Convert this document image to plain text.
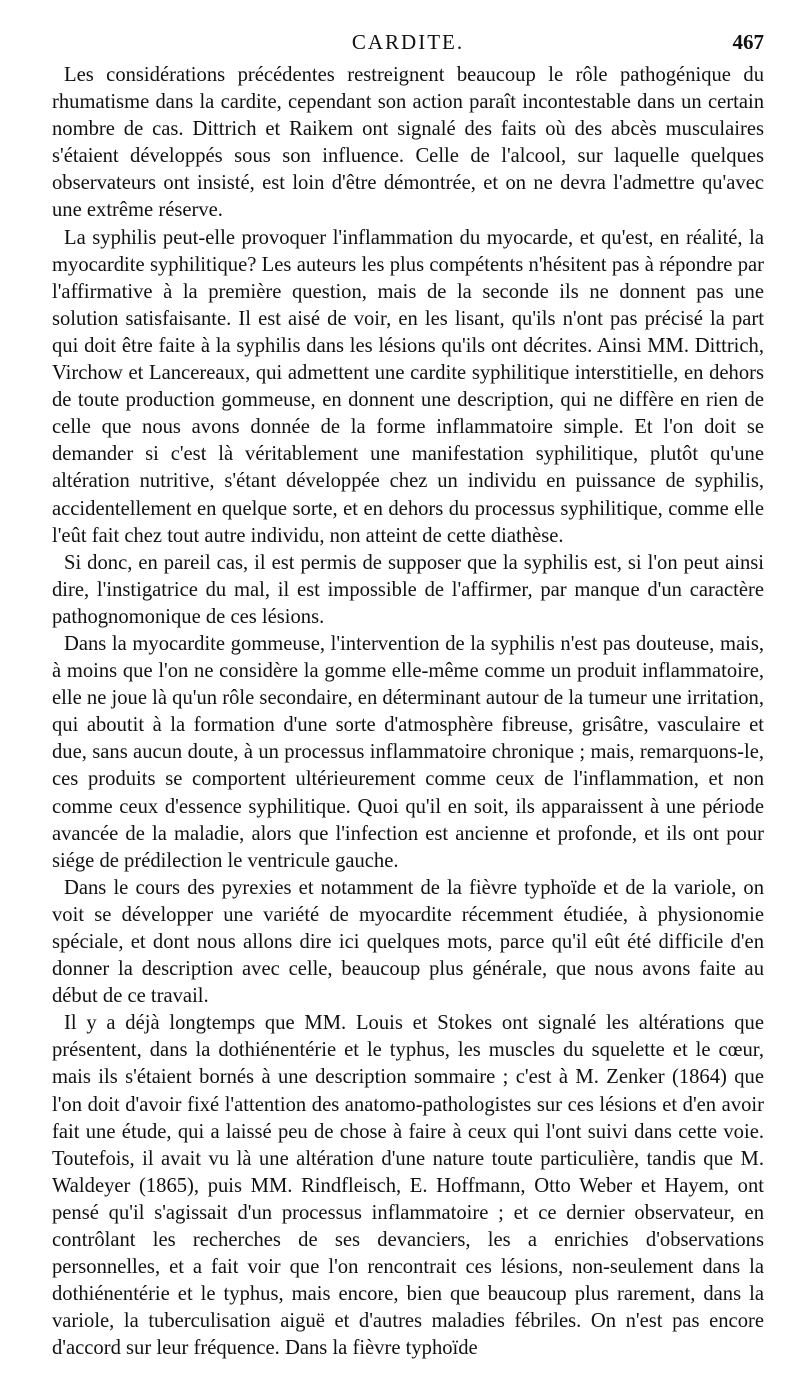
CARDITE.	467

Les considérations précédentes restreignent beaucoup le rôle pathogénique du rhumatisme dans la cardite, cependant son action paraît incontestable dans un certain nombre de cas. Dittrich et Raikem ont signalé des faits où des abcès musculaires s'étaient développés sous son influence. Celle de l'alcool, sur laquelle quelques observateurs ont insisté, est loin d'être démontrée, et on ne devra l'admettre qu'avec une extrême réserve.

La syphilis peut-elle provoquer l'inflammation du myocarde, et qu'est, en réalité, la myocardite syphilitique? Les auteurs les plus compétents n'hésitent pas à répondre par l'affirmative à la première question, mais de la seconde ils ne donnent pas une solution satisfaisante. Il est aisé de voir, en les lisant, qu'ils n'ont pas précisé la part qui doit être faite à la syphilis dans les lésions qu'ils ont décrites. Ainsi MM. Dittrich, Virchow et Lancereaux, qui admettent une cardite syphilitique interstitielle, en dehors de toute production gommeuse, en donnent une description, qui ne diffère en rien de celle que nous avons donnée de la forme inflammatoire simple. Et l'on doit se demander si c'est là véritablement une manifestation syphilitique, plutôt qu'une altération nutritive, s'étant développée chez un individu en puissance de syphilis, accidentellement en quelque sorte, et en dehors du processus syphilitique, comme elle l'eût fait chez tout autre individu, non atteint de cette diathèse.

Si donc, en pareil cas, il est permis de supposer que la syphilis est, si l'on peut ainsi dire, l'instigatrice du mal, il est impossible de l'affirmer, par manque d'un caractère pathognomonique de ces lésions.

Dans la myocardite gommeuse, l'intervention de la syphilis n'est pas douteuse, mais, à moins que l'on ne considère la gomme elle-même comme un produit inflammatoire, elle ne joue là qu'un rôle secondaire, en déterminant autour de la tumeur une irritation, qui aboutit à la formation d'une sorte d'atmosphère fibreuse, grisâtre, vasculaire et due, sans aucun doute, à un processus inflammatoire chronique ; mais, remarquons-le, ces produits se comportent ultérieurement comme ceux de l'inflammation, et non comme ceux d'essence syphilitique. Quoi qu'il en soit, ils apparaissent à une période avancée de la maladie, alors que l'infection est ancienne et profonde, et ils ont pour siége de prédilection le ventricule gauche.

Dans le cours des pyrexies et notamment de la fièvre typhoïde et de la variole, on voit se développer une variété de myocardite récemment étudiée, à physionomie spéciale, et dont nous allons dire ici quelques mots, parce qu'il eût été difficile d'en donner la description avec celle, beaucoup plus générale, que nous avons faite au début de ce travail.

Il y a déjà longtemps que MM. Louis et Stokes ont signalé les altérations que présentent, dans la dothiénentérie et le typhus, les muscles du squelette et le cœur, mais ils s'étaient bornés à une description sommaire ; c'est à M. Zenker (1864) que l'on doit d'avoir fixé l'attention des anatomo-pathologistes sur ces lésions et d'en avoir fait une étude, qui a laissé peu de chose à faire à ceux qui l'ont suivi dans cette voie. Toutefois, il avait vu là une altération d'une nature toute particulière, tandis que M. Waldeyer (1865), puis MM. Rindfleisch, E. Hoffmann, Otto Weber et Hayem, ont pensé qu'il s'agissait d'un processus inflammatoire ; et ce dernier observateur, en contrôlant les recherches de ses devanciers, les a enrichies d'observations personnelles, et a fait voir que l'on rencontrait ces lésions, non-seulement dans la dothiénentérie et le typhus, mais encore, bien que beaucoup plus rarement, dans la variole, la tuberculisation aiguë et d'autres maladies fébriles. On n'est pas encore d'accord sur leur fréquence. Dans la fièvre typhoïde
